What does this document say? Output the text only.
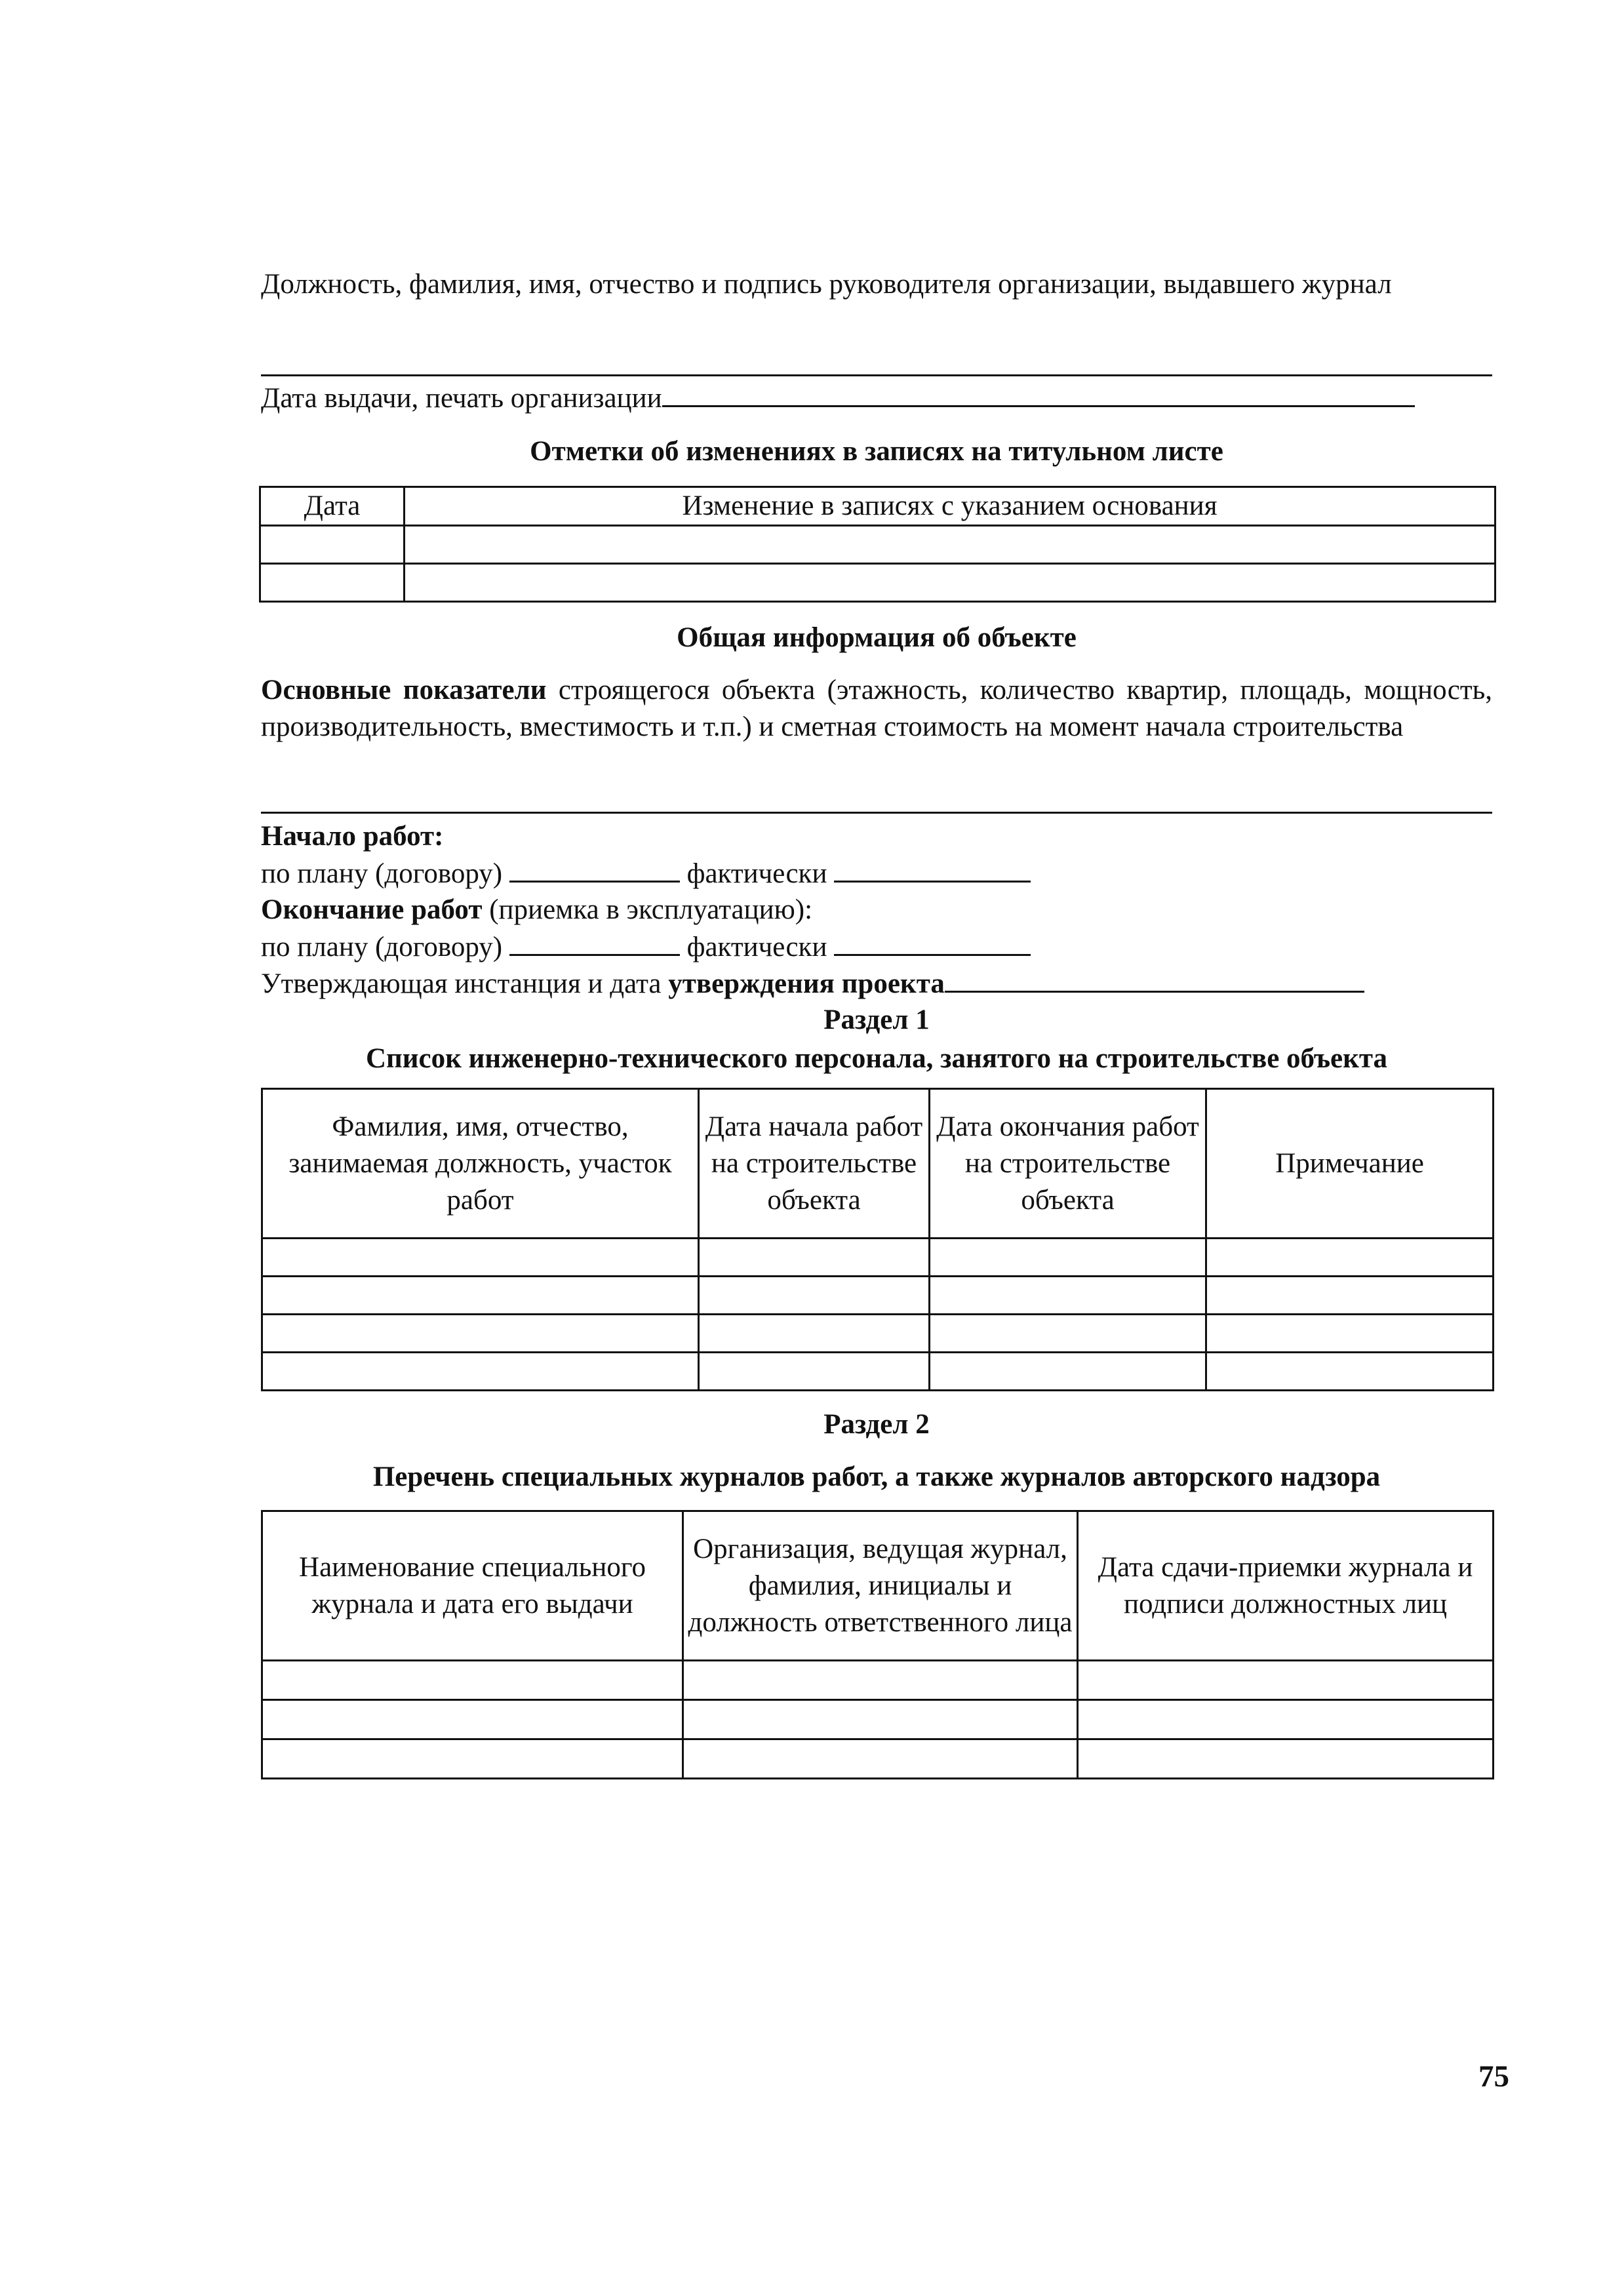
Должность, фамилия, имя, отчество и подпись руководителя организации, выдавшего журнал
Дата выдачи, печать организации
Отметки об изменениях в записях на титульном листе
Дата	Изменение в записях с указанием основания

Общая информация об объекте
Основные показатели строящегося объекта (этажность, количество квартир, площадь, мощность, производительность, вместимость и т.п.) и сметная стоимость на момент начала строительства
Начало работ:
по плану (договору)	фактически
Окончание работ (приемка в эксплуатацию):
по плану (договору)	фактически
Утверждающая инстанция и дата утверждения проекта
Раздел 1
Список инженерно-технического персонала, занятого на строительстве объекта
Фамилия, имя, отчество, занимаемая должность, участок работ	Дата начала работ на строительстве объекта	Дата окончания работ на строительстве объекта	Примечание

Раздел 2
Перечень специальных журналов работ, а также журналов авторского надзора
Наименование специального журнала и дата его выдачи	Организация, ведущая журнал, фамилия, инициалы и должность ответственного лица	Дата сдачи-приемки журнала и подписи должностных лиц

75
